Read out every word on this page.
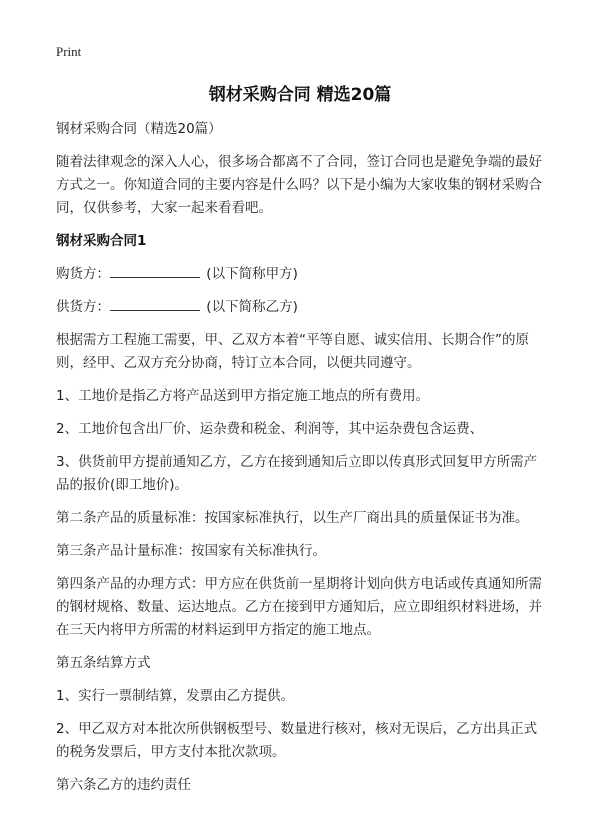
Print
钢材采购合同 精选20篇

钢材采购合同（精选20篇）

随着法律观念的深入人心，很多场合都离不了合同，签订合同也是避免争端的最好方式之一。你知道合同的主要内容是什么吗？以下是小编为大家收集的钢材采购合同，仅供参考，大家一起来看看吧。

钢材采购合同1

购货方：	(以下简称甲方)

供货方：	(以下简称乙方)

根据需方工程施工需要，甲、乙双方本着“平等自愿、诚实信用、长期合作”的原则，经甲、乙双方充分协商，特订立本合同，以便共同遵守。

1、工地价是指乙方将产品送到甲方指定施工地点的所有费用。

2、工地价包含出厂价、运杂费和税金、利润等，其中运杂费包含运费、

3、供货前甲方提前通知乙方，乙方在接到通知后立即以传真形式回复甲方所需产品的报价(即工地价)。

第二条产品的质量标准：按国家标准执行，以生产厂商出具的质量保证书为准。

第三条产品计量标准：按国家有关标准执行。

第四条产品的办理方式：甲方应在供货前一星期将计划向供方电话或传真通知所需的钢材规格、数量、运达地点。乙方在接到甲方通知后，应立即组织材料进场，并在三天内将甲方所需的材料运到甲方指定的施工地点。

第五条结算方式

1、实行一票制结算，发票由乙方提供。

2、甲乙双方对本批次所供钢板型号、数量进行核对，核对无误后，乙方出具正式的税务发票后，甲方支付本批次款项。

第六条乙方的违约责任
